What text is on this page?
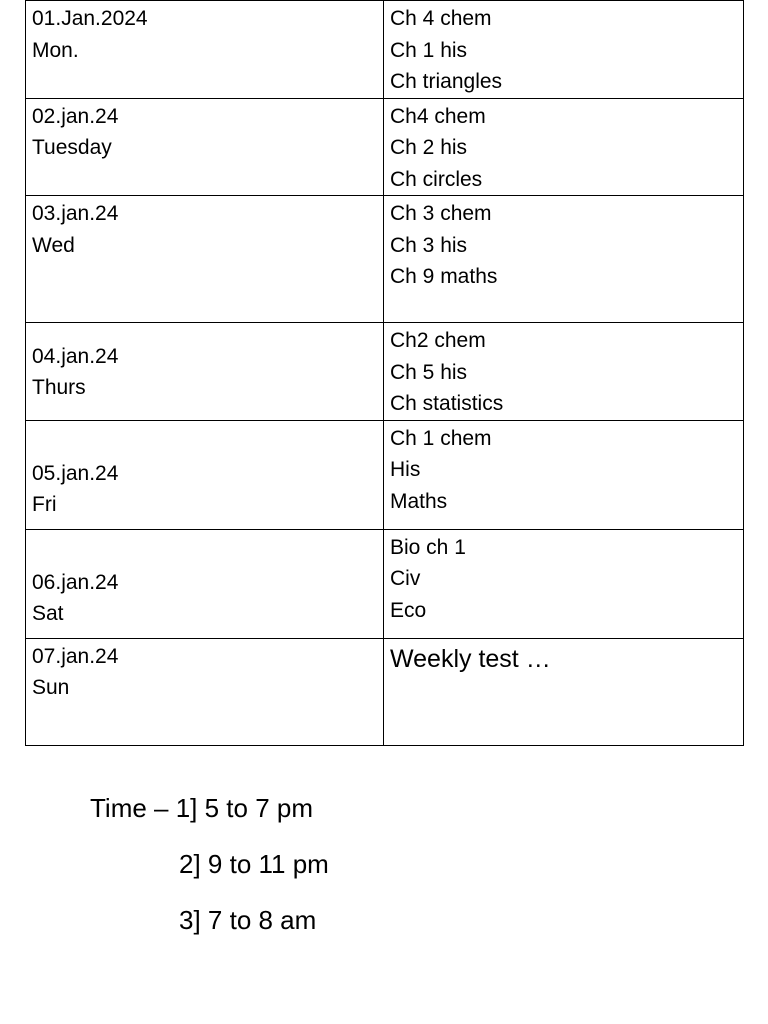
01.Jan.2024
Mon.	Ch 4 chem
Ch 1 his
Ch triangles

02.jan.24
Tuesday	Ch4 chem
Ch 2 his
Ch circles

03.jan.24
Wed	Ch 3 chem
Ch 3 his
Ch 9 maths

04.jan.24
Thurs	Ch2 chem
Ch 5 his
Ch statistics

05.jan.24
Fri	Ch 1 chem
His
Maths

06.jan.24
Sat	Bio ch 1
Civ
Eco

07.jan.24
Sun	Weekly test …
Time – 1] 5 to 7 pm
2] 9 to 11 pm
3] 7 to 8 am
